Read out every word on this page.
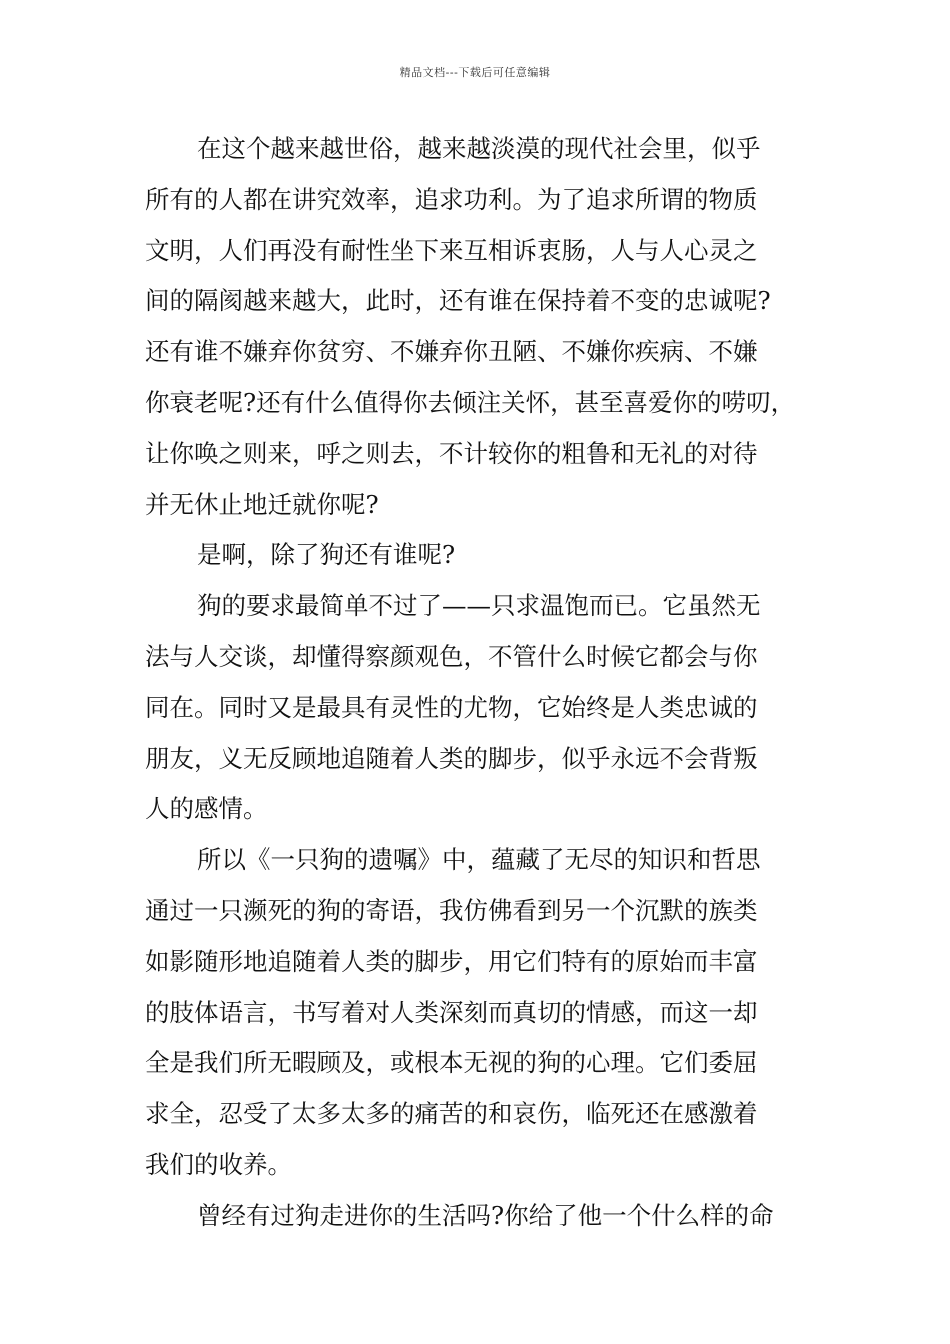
精品文档---下载后可任意编辑
在这个越来越世俗，越来越淡漠的现代社会里，似乎
所有的人都在讲究效率，追求功利。为了追求所谓的物质
文明，人们再没有耐性坐下来互相诉衷肠，人与人心灵之
间的隔阂越来越大，此时，还有谁在保持着不变的忠诚呢?
还有谁不嫌弃你贫穷、不嫌弃你丑陋、不嫌你疾病、不嫌
你衰老呢?还有什么值得你去倾注关怀，甚至喜爱你的唠叨，
让你唤之则来，呼之则去，不计较你的粗鲁和无礼的对待
并无休止地迁就你呢?
是啊，除了狗还有谁呢?
狗的要求最简单不过了——只求温饱而已。它虽然无
法与人交谈，却懂得察颜观色，不管什么时候它都会与你
同在。同时又是最具有灵性的尤物，它始终是人类忠诚的
朋友，义无反顾地追随着人类的脚步，似乎永远不会背叛
人的感情。
所以《一只狗的遗嘱》中，蕴藏了无尽的知识和哲思
通过一只濒死的狗的寄语，我仿佛看到另一个沉默的族类
如影随形地追随着人类的脚步，用它们特有的原始而丰富
的肢体语言，书写着对人类深刻而真切的情感，而这一却
全是我们所无暇顾及，或根本无视的狗的心理。它们委屈
求全，忍受了太多太多的痛苦的和哀伤，临死还在感激着
我们的收养。
曾经有过狗走进你的生活吗?你给了他一个什么样的命
